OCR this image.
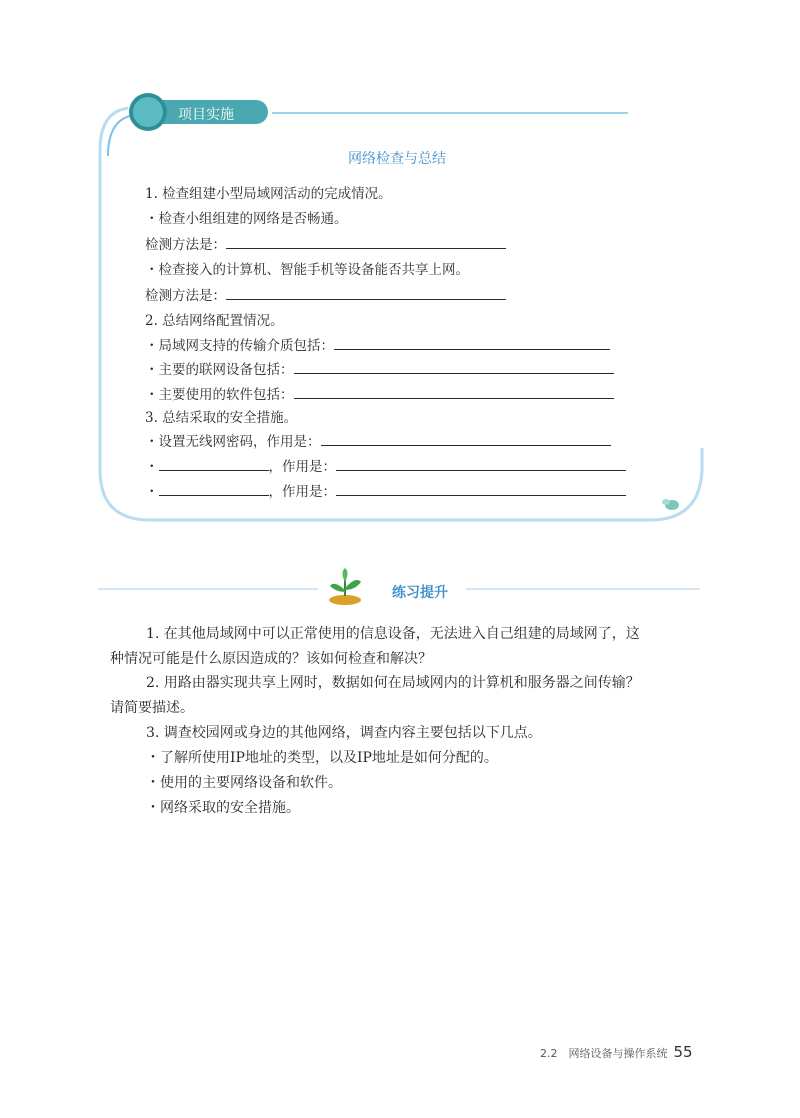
项目实施
网络检查与总结
1. 检查组建小型局域网活动的完成情况。
・检查小组组建的网络是否畅通。
检测方法是：
・检查接入的计算机、智能手机等设备能否共享上网。
检测方法是：
2. 总结网络配置情况。
・局域网支持的传输介质包括：
・主要的联网设备包括：
・主要使用的软件包括：
3. 总结采取的安全措施。
・设置无线网密码，作用是：
・	，作用是：
・	，作用是：
练习提升
1. 在其他局域网中可以正常使用的信息设备，无法进入自己组建的局域网了，这
种情况可能是什么原因造成的？该如何检查和解决？
2. 用路由器实现共享上网时，数据如何在局域网内的计算机和服务器之间传输？
请简要描述。
3. 调查校园网或身边的其他网络，调查内容主要包括以下几点。
・了解所使用IP地址的类型，以及IP地址是如何分配的。
・使用的主要网络设备和软件。
・网络采取的安全措施。
2.2　网络设备与操作系统 55
